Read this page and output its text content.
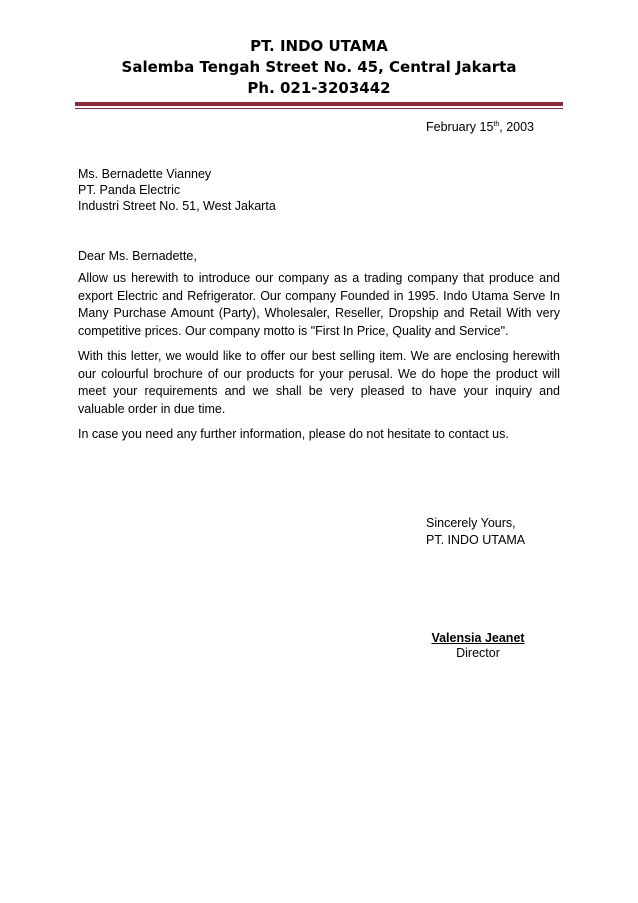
PT. INDO UTAMA
Salemba Tengah Street No. 45, Central Jakarta
Ph. 021-3203442
February 15th, 2003
Ms. Bernadette Vianney
PT. Panda Electric
Industri Street No. 51, West Jakarta
Dear Ms. Bernadette,

Allow us herewith to introduce our company as a trading company that produce and export Electric and Refrigerator. Our company Founded in 1995. Indo Utama Serve In Many Purchase Amount (Party), Wholesaler, Reseller, Dropship and Retail With very competitive prices. Our company motto is "First In Price, Quality and Service".

With this letter, we would like to offer our best selling item. We are enclosing herewith our colourful brochure of our products for your perusal. We do hope the product will meet your requirements and we shall be very pleased to have your inquiry and valuable order in due time.

In case you need any further information, please do not hesitate to contact us.

Sincerely Yours,
PT. INDO UTAMA
Valensia Jeanet
Director
